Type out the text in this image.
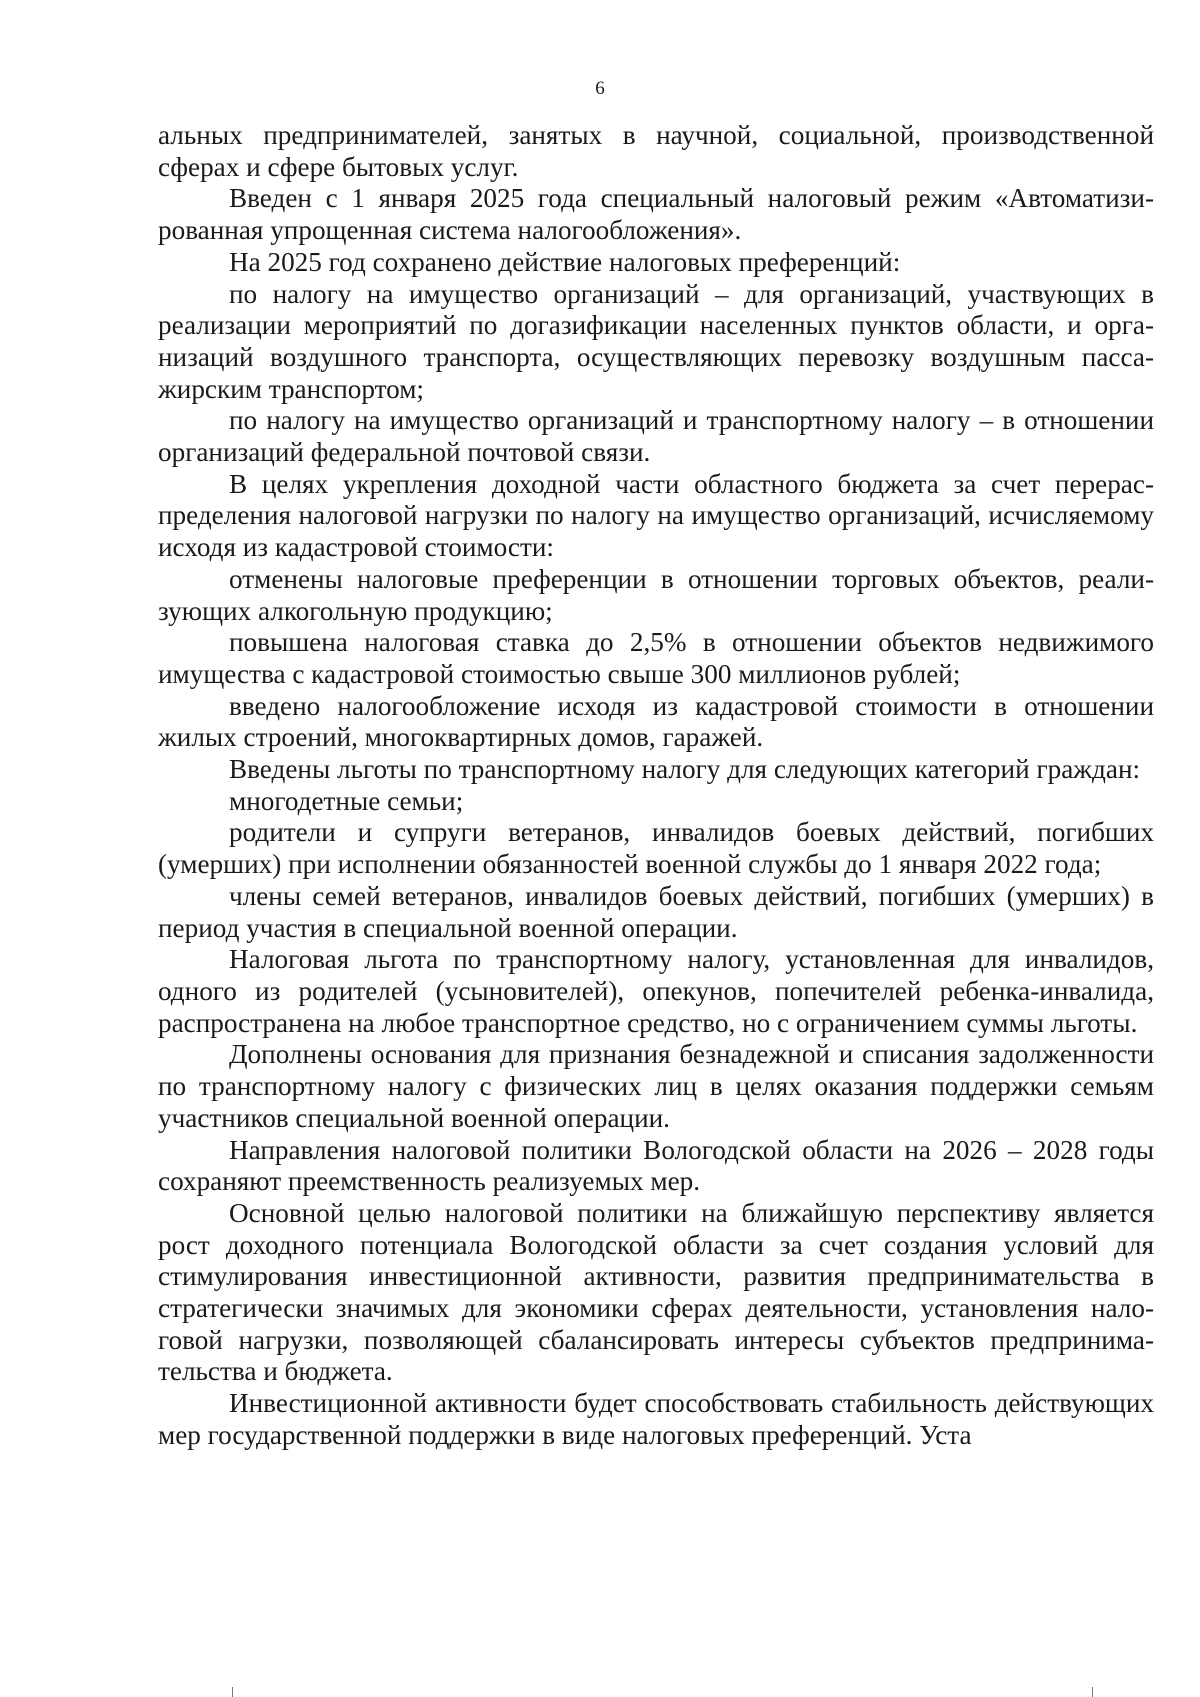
6

альных предпринимателей, занятых в научной, социальной, производственной сферах и сфере бытовых услуг.

Введен с 1 января 2025 года специальный налоговый режим «Автоматизированная упрощенная система налогообложения».

На 2025 год сохранено действие налоговых преференций:

по налогу на имущество организаций – для организаций, участвующих в реализации мероприятий по догазификации населенных пунктов области, и организаций воздушного транспорта, осуществляющих перевозку воздушным пассажирским транспортом;

по налогу на имущество организаций и транспортному налогу – в отношении организаций федеральной почтовой связи.

В целях укрепления доходной части областного бюджета за счет перераспределения налоговой нагрузки по налогу на имущество организаций, исчисляемому исходя из кадастровой стоимости:

отменены налоговые преференции в отношении торговых объектов, реализующих алкогольную продукцию;

повышена налоговая ставка до 2,5% в отношении объектов недвижимого имущества с кадастровой стоимостью свыше 300 миллионов рублей;

введено налогообложение исходя из кадастровой стоимости в отношении жилых строений, многоквартирных домов, гаражей.

Введены льготы по транспортному налогу для следующих категорий граждан:

многодетные семьи;

родители и супруги ветеранов, инвалидов боевых действий, погибших (умерших) при исполнении обязанностей военной службы до 1 января 2022 года;

члены семей ветеранов, инвалидов боевых действий, погибших (умерших) в период участия в специальной военной операции.

Налоговая льгота по транспортному налогу, установленная для инвалидов, одного из родителей (усыновителей), опекунов, попечителей ребенка-инвалида, распространена на любое транспортное средство, но с ограничением суммы льготы.

Дополнены основания для признания безнадежной и списания задолженности по транспортному налогу с физических лиц в целях оказания поддержки семьям участников специальной военной операции.

Направления налоговой политики Вологодской области на 2026 – 2028 годы сохраняют преемственность реализуемых мер.

Основной целью налоговой политики на ближайшую перспективу является рост доходного потенциала Вологодской области за счет создания условий для стимулирования инвестиционной активности, развития предпринимательства в стратегически значимых для экономики сферах деятельности, установления налоговой нагрузки, позволяющей сбалансировать интересы субъектов предпринимательства и бюджета.

Инвестиционной активности будет способствовать стабильность действующих мер государственной поддержки в виде налоговых преференций. Уста
